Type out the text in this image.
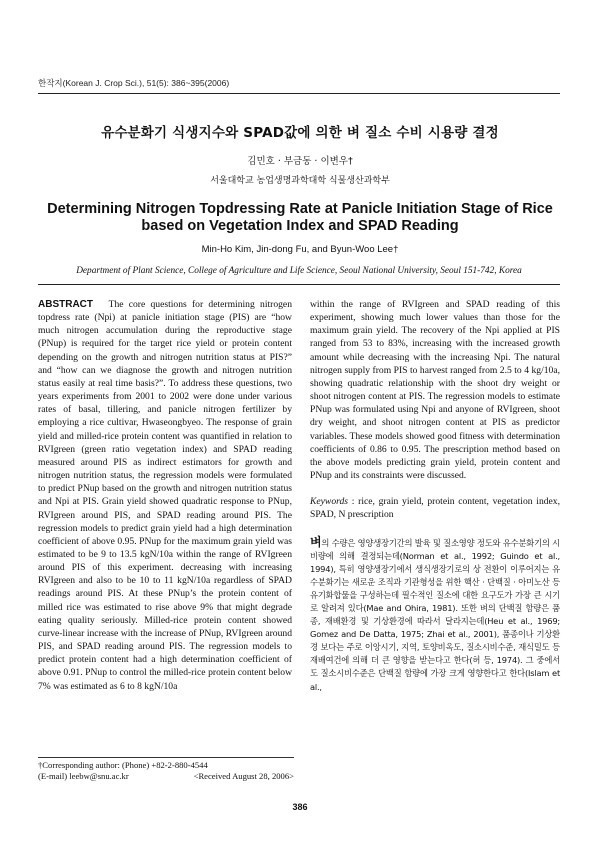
한작지(Korean J. Crop Sci.), 51(5): 386~395(2006)
유수분화기 식생지수와 SPAD값에 의한 벼 질소 수비 시용량 결정
김민호 · 부금동 · 이변우†
서울대학교 농업생명과학대학 식물생산과학부
Determining Nitrogen Topdressing Rate at Panicle Initiation Stage of Rice based on Vegetation Index and SPAD Reading
Min-Ho Kim, Jin-dong Fu, and Byun-Woo Lee†
Department of Plant Science, College of Agriculture and Life Science, Seoul National University, Seoul 151-742, Korea

ABSTRACT The core questions for determining nitrogen topdress rate (Npi) at panicle initiation stage (PIS) are “how much nitrogen accumulation during the reproductive stage (PNup) is required for the target rice yield or protein content depending on the growth and nitrogen nutrition status at PIS?” and “how can we diagnose the growth and nitrogen nutrition status easily at real time basis?”. To address these questions, two years experiments from 2001 to 2002 were done under various rates of basal, tillering, and panicle nitrogen fertilizer by employing a rice cultivar, Hwaseongbyeo. The response of grain yield and milled-rice protein content was quantified in relation to RVIgreen (green ratio vegetation index) and SPAD reading measured around PIS as indirect estimators for growth and nitrogen nutrition status, the regression models were formulated to predict PNup based on the growth and nitrogen nutrition status and Npi at PIS. Grain yield showed quadratic response to PNup, RVIgreen around PIS, and SPAD reading around PIS. The regression models to predict grain yield had a high determination coefficient of above 0.95. PNup for the maximum grain yield was estimated to be 9 to 13.5 kgN/10a within the range of RVIgreen around PIS of this experiment. decreasing with increasing RVIgreen and also to be 10 to 11 kgN/10a regardless of SPAD readings around PIS. At these PNup’s the protein content of milled rice was estimated to rise above 9% that might degrade eating quality seriously. Milled-rice protein content showed curve-linear increase with the increase of PNup, RVIgreen around PIS, and SPAD reading around PIS. The regression models to predict protein content had a high determination coefficient of above 0.91. PNup to control the milled-rice protein content below 7% was estimated as 6 to 8 kgN/10a

within the range of RVIgreen and SPAD reading of this experiment, showing much lower values than those for the maximum grain yield. The recovery of the Npi applied at PIS ranged from 53 to 83%, increasing with the increased growth amount while decreasing with the increasing Npi. The natural nitrogen supply from PIS to harvest ranged from 2.5 to 4 kg/10a, showing quadratic relationship with the shoot dry weight or shoot nitrogen content at PIS. The regression models to estimate PNup was formulated using Npi and anyone of RVIgreen, shoot dry weight, and shoot nitrogen content at PIS as predictor variables. These models showed good fitness with determination coefficients of 0.86 to 0.95. The prescription method based on the above models predicting grain yield, protein content and PNup and its constraints were discussed.

Keywords : rice, grain yield, protein content, vegetation index, SPAD, N prescription

벼의 수량은 영양생장기간의 발육 및 질소영양 정도와 유수분화기의 시비량에 의해 결정되는데(Norman et al., 1992; Guindo et al., 1994), 특히 영양생장기에서 생식생장기로의 상 전환이 이루어지는 유수분화기는 새로운 조직과 기관형성을 위한 핵산 · 단백질 · 아미노산 등 유기화합물을 구성하는데 필수적인 질소에 대한 요구도가 가장 큰 시기로 알려져 있다(Mae and Ohira, 1981). 또한 벼의 단백질 함량은 품종, 재배환경 및 기상환경에 따라서 달라지는데(Heu et al., 1969; Gomez and De Datta, 1975; Zhai et al., 2001), 품종이나 기상환경 보다는 주로 이앙시기, 지역, 토양비옥도, 질소시비수준, 재식밀도 등 재배여건에 의해 더 큰 영향을 받는다고 한다(허 등, 1974). 그 중에서도 질소시비수준은 단백질 함량에 가장 크게 영향한다고 한다(Islam et al.,

†Corresponding author: (Phone) +82-2-880-4544
(E-mail) leebw@snu.ac.kr	<Received August 28, 2006>
386
